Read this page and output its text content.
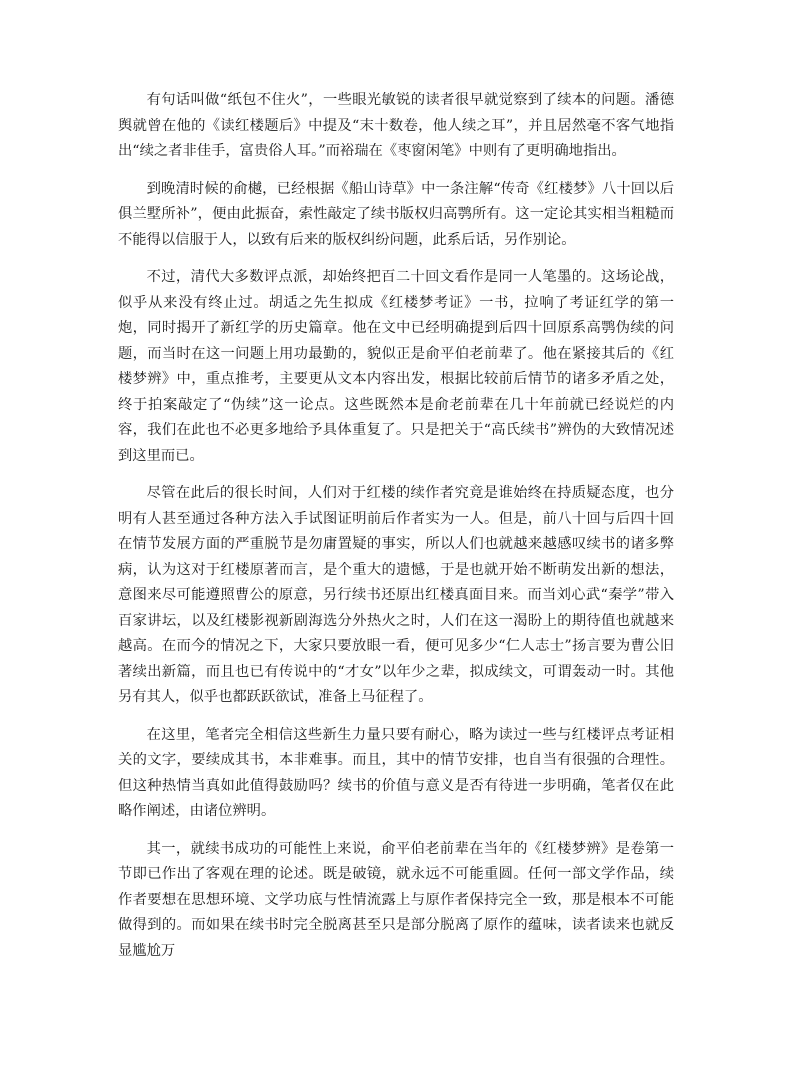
有句话叫做“纸包不住火”，一些眼光敏锐的读者很早就觉察到了续本的问题。潘德舆就曾在他的《读红楼题后》中提及“末十数卷，他人续之耳”，并且居然毫不客气地指出“续之者非佳手，富贵俗人耳。”而裕瑞在《枣窗闲笔》中则有了更明确地指出。

到晚清时候的俞樾，已经根据《船山诗草》中一条注解“传奇《红楼梦》八十回以后俱兰墅所补”，便由此振奋，索性敲定了续书版权归高鹗所有。这一定论其实相当粗糙而不能得以信服于人，以致有后来的版权纠纷问题，此系后话，另作别论。

不过，清代大多数评点派，却始终把百二十回文看作是同一人笔墨的。这场论战，似乎从来没有终止过。胡适之先生拟成《红楼梦考证》一书，拉响了考证红学的第一炮，同时揭开了新红学的历史篇章。他在文中已经明确提到后四十回原系高鹗伪续的问题，而当时在这一问题上用功最勤的，貌似正是俞平伯老前辈了。他在紧接其后的《红楼梦辨》中，重点推考，主要更从文本内容出发，根据比较前后情节的诸多矛盾之处，终于拍案敲定了“伪续”这一论点。这些既然本是俞老前辈在几十年前就已经说烂的内容，我们在此也不必更多地给予具体重复了。只是把关于“高氏续书”辨伪的大致情况述到这里而已。

尽管在此后的很长时间，人们对于红楼的续作者究竟是谁始终在持质疑态度，也分明有人甚至通过各种方法入手试图证明前后作者实为一人。但是，前八十回与后四十回在情节发展方面的严重脱节是勿庸置疑的事实，所以人们也就越来越感叹续书的诸多弊病，认为这对于红楼原著而言，是个重大的遗憾，于是也就开始不断萌发出新的想法，意图来尽可能遵照曹公的原意，另行续书还原出红楼真面目来。而当刘心武“秦学”带入百家讲坛，以及红楼影视新剧海选分外热火之时，人们在这一渴盼上的期待值也就越来越高。在而今的情况之下，大家只要放眼一看，便可见多少“仁人志士”扬言要为曹公旧著续出新篇，而且也已有传说中的“才女”以年少之辈，拟成续文，可谓轰动一时。其他另有其人，似乎也都跃跃欲试，准备上马征程了。

在这里，笔者完全相信这些新生力量只要有耐心，略为读过一些与红楼评点考证相关的文字，要续成其书，本非难事。而且，其中的情节安排，也自当有很强的合理性。但这种热情当真如此值得鼓励吗？续书的价值与意义是否有待进一步明确，笔者仅在此略作阐述，由诸位辨明。

其一，就续书成功的可能性上来说，俞平伯老前辈在当年的《红楼梦辨》是卷第一节即已作出了客观在理的论述。既是破镜，就永远不可能重圆。任何一部文学作品，续作者要想在思想环境、文学功底与性情流露上与原作者保持完全一致，那是根本不可能做得到的。而如果在续书时完全脱离甚至只是部分脱离了原作的蕴味，读者读来也就反显尴尬万
